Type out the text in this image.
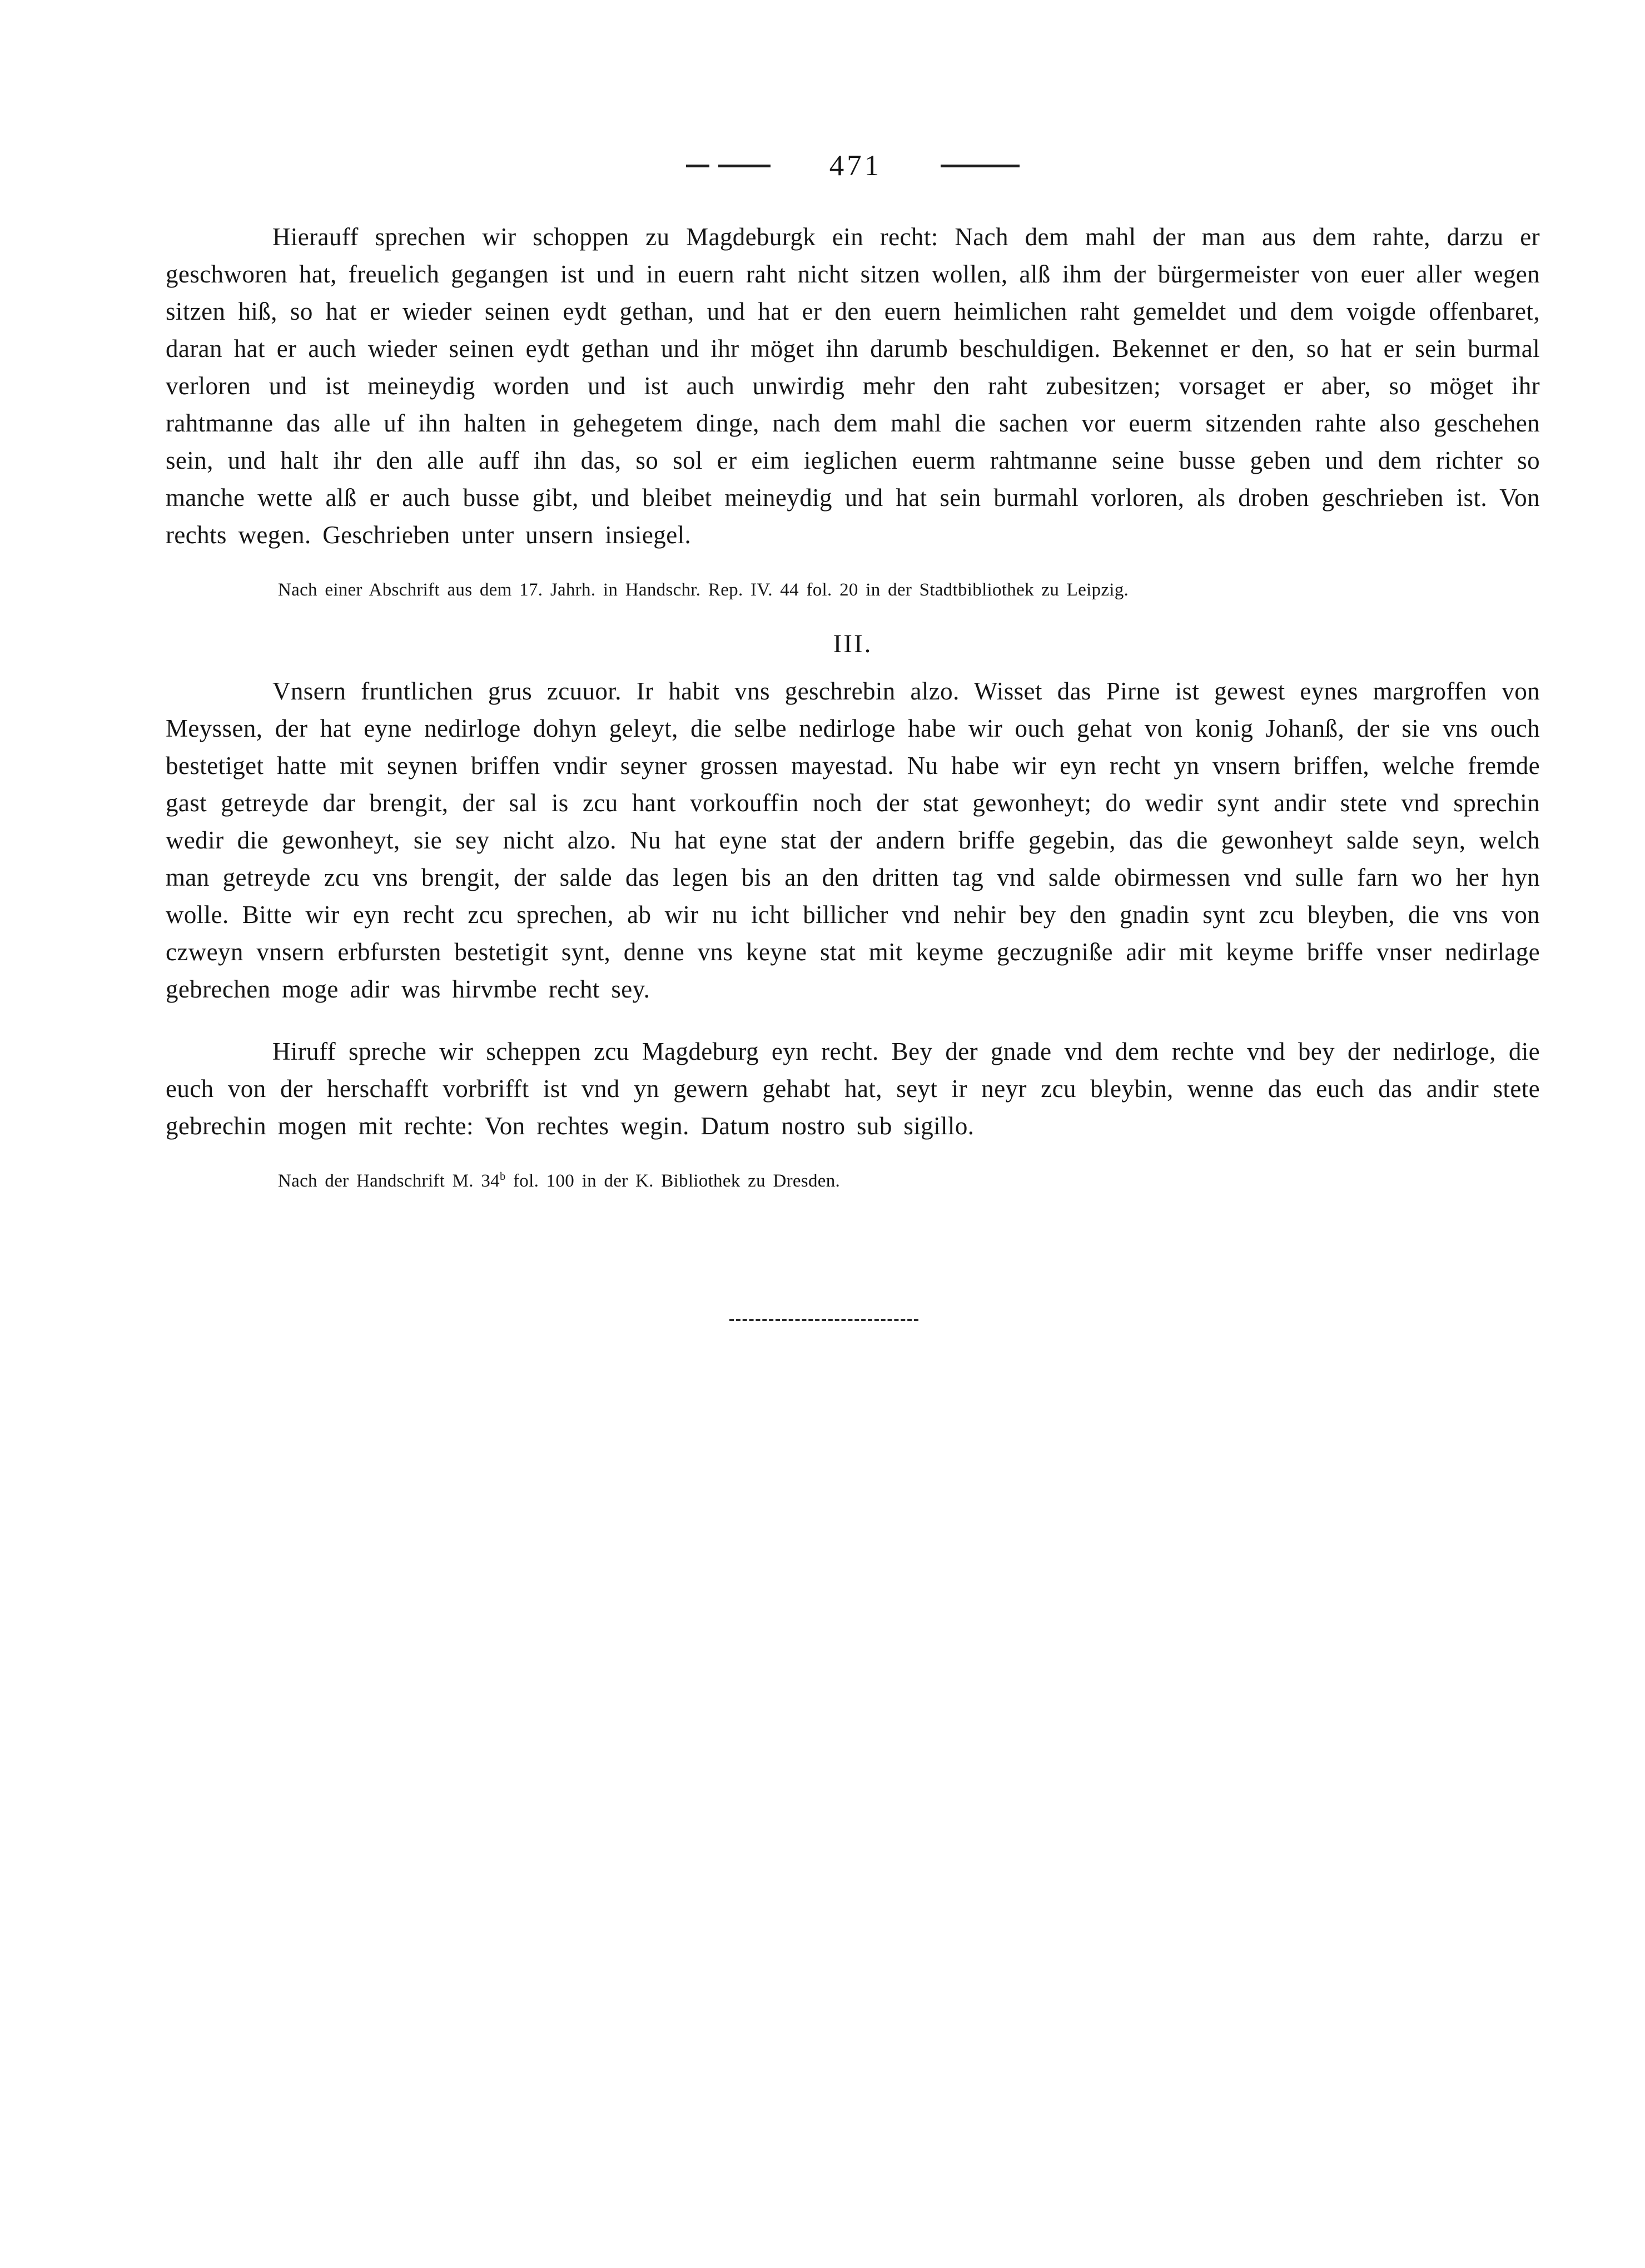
471

Hierauff sprechen wir schoppen zu Magdeburgk ein recht: Nach dem mahl der man aus dem rahte, darzu er geschworen hat, freuelich gegangen ist und in euern raht nicht sitzen wollen, alß ihm der bürgermeister von euer aller wegen sitzen hiß, so hat er wieder seinen eydt gethan, und hat er den euern heimlichen raht gemeldet und dem voigde offenbaret, daran hat er auch wieder seinen eydt gethan und ihr möget ihn darumb beschuldigen. Bekennet er den, so hat er sein burmal verloren und ist meineydig worden und ist auch unwirdig mehr den raht zubesitzen; vorsaget er aber, so möget ihr rahtmanne das alle uf ihn halten in gehegetem dinge, nach dem mahl die sachen vor euerm sitzenden rahte also geschehen sein, und halt ihr den alle auff ihn das, so sol er eim ieglichen euerm rahtmanne seine busse geben und dem richter so manche wette alß er auch busse gibt, und bleibet meineydig und hat sein burmahl vorloren, als droben geschrieben ist. Von rechts wegen. Geschrieben unter unsern insiegel.

Nach einer Abschrift aus dem 17. Jahrh. in Handschr. Rep. IV. 44 fol. 20 in der Stadtbibliothek zu Leipzig.

III.

Vnsern fruntlichen grus zcuuor. Ir habit vns geschrebin alzo. Wisset das Pirne ist gewest eynes margroffen von Meyssen, der hat eyne nedirloge dohyn geleyt, die selbe nedirloge habe wir ouch gehat von konig Johanß, der sie vns ouch bestetiget hatte mit seynen briffen vndir seyner grossen mayestad. Nu habe wir eyn recht yn vnsern briffen, welche fremde gast getreyde dar brengit, der sal is zcu hant vorkouffin noch der stat gewonheyt; do wedir synt andir stete vnd sprechin wedir die gewonheyt, sie sey nicht alzo. Nu hat eyne stat der andern briffe gegebin, das die gewonheyt salde seyn, welch man getreyde zcu vns brengit, der salde das legen bis an den dritten tag vnd salde obirmessen vnd sulle farn wo her hyn wolle. Bitte wir eyn recht zcu sprechen, ab wir nu icht billicher vnd nehir bey den gnadin synt zcu bleyben, die vns von czweyn vnsern erbfursten bestetigit synt, denne vns keyne stat mit keyme geczugniße adir mit keyme briffe vnser nedirlage gebrechen moge adir was hirvmbe recht sey.

Hiruff spreche wir scheppen zcu Magdeburg eyn recht. Bey der gnade vnd dem rechte vnd bey der nedirloge, die euch von der herschafft vorbrifft ist vnd yn gewern gehabt hat, seyt ir neyr zcu bleybin, wenne das euch das andir stete gebrechin mogen mit rechte: Von rechtes wegin. Datum nostro sub sigillo.

Nach der Handschrift M. 34$^b$ fol. 100 in der K. Bibliothek zu Dresden.
